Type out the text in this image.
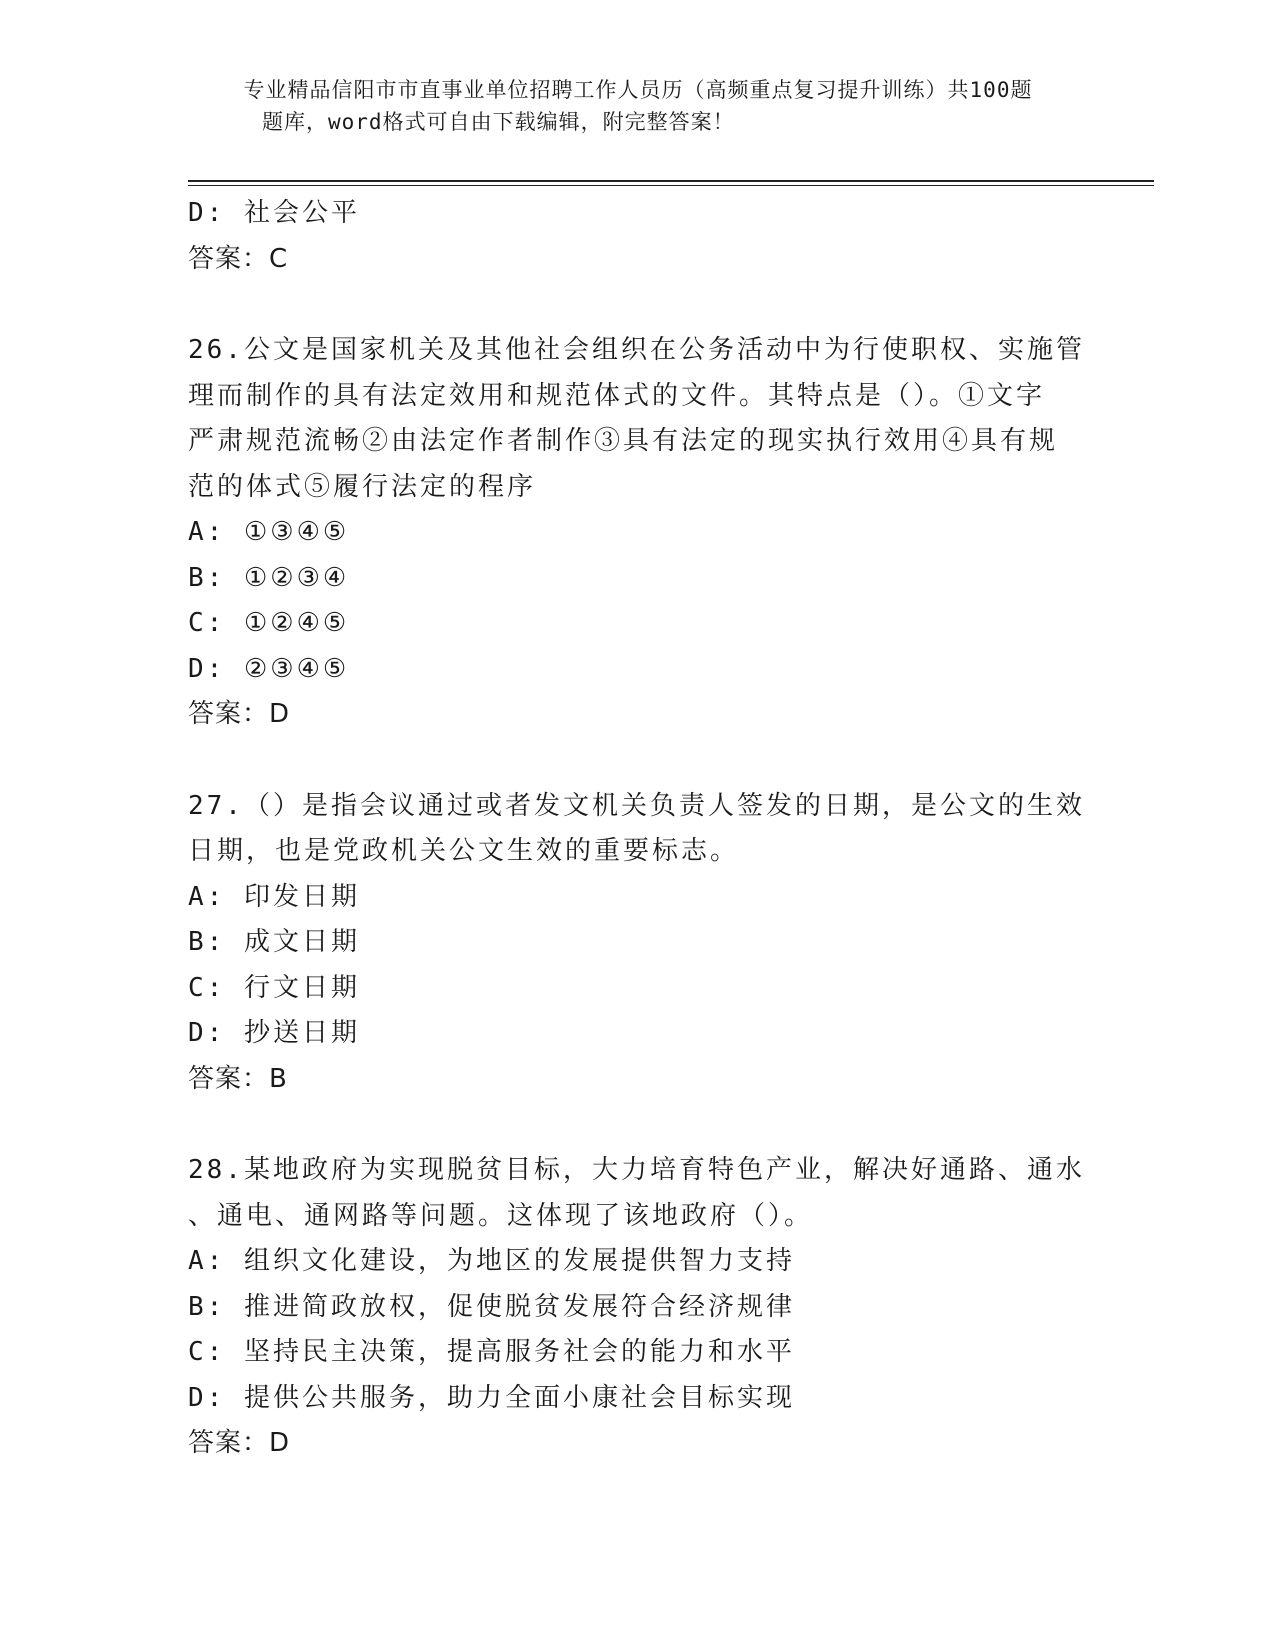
专业精品信阳市市直事业单位招聘工作人员历（高频重点复习提升训练）共100题
题库，word格式可自由下载编辑，附完整答案！
D: 社会公平
答案：C
26.公文是国家机关及其他社会组织在公务活动中为行使职权、实施管
理而制作的具有法定效用和规范体式的文件。其特点是（）。①文字
严肃规范流畅②由法定作者制作③具有法定的现实执行效用④具有规
范的体式⑤履行法定的程序
A: ①③④⑤
B: ①②③④
C: ①②④⑤
D: ②③④⑤
答案：D
27.（）是指会议通过或者发文机关负责人签发的日期，是公文的生效
日期，也是党政机关公文生效的重要标志。
A: 印发日期
B: 成文日期
C: 行文日期
D: 抄送日期
答案：B
28.某地政府为实现脱贫目标，大力培育特色产业，解决好通路、通水
、通电、通网路等问题。这体现了该地政府（）。
A: 组织文化建设，为地区的发展提供智力支持
B: 推进简政放权，促使脱贫发展符合经济规律
C: 坚持民主决策，提高服务社会的能力和水平
D: 提供公共服务，助力全面小康社会目标实现
答案：D
